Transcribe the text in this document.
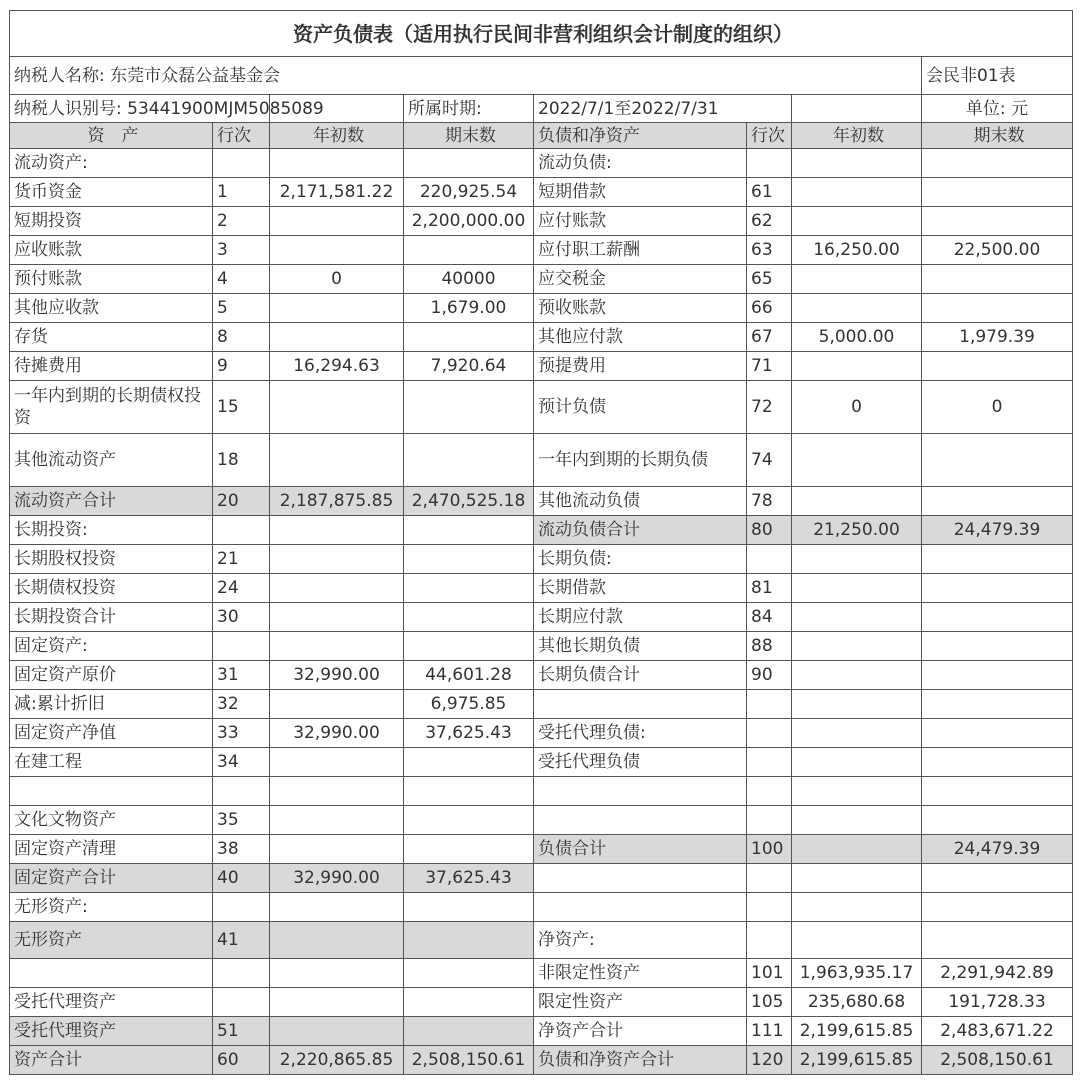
资产负债表（适用执行民间非营利组织会计制度的组织）							
纳税人名称: 东莞市众磊公益基金会							会民非01表
纳税人识别号: 53441900MJM5085089			所属时期:	2022/7/1至2022/7/31			单位: 元
资　产	行次	年初数	期末数	负债和净资产	行次	年初数	期末数
流动资产:				流动负债:			
货币资金	1	2,171,581.22	220,925.54	短期借款	61		
短期投资	2		2,200,000.00	应付账款	62		
应收账款	3			应付职工薪酬	63	16,250.00	22,500.00
预付账款	4	0	40000	应交税金	65		
其他应收款	5		1,679.00	预收账款	66		
存货	8			其他应付款	67	5,000.00	1,979.39
待摊费用	9	16,294.63	7,920.64	预提费用	71		
一年内到期的长期债权投资	15			预计负债	72	0	0
其他流动资产	18			一年内到期的长期负债	74		
流动资产合计	20	2,187,875.85	2,470,525.18	其他流动负债	78		
长期投资:				流动负债合计	80	21,250.00	24,479.39
长期股权投资	21			长期负债:			
长期债权投资	24			长期借款	81		
长期投资合计	30			长期应付款	84		
固定资产:				其他长期负债	88		
固定资产原价	31	32,990.00	44,601.28	长期负债合计	90		
减:累计折旧	32		6,975.85				
固定资产净值	33	32,990.00	37,625.43	受托代理负债:			
在建工程	34			受托代理负债			

文化文物资产	35						
固定资产清理	38			负债合计	100		24,479.39
固定资产合计	40	32,990.00	37,625.43				
无形资产:							
无形资产	41			净资产:			
				非限定性资产	101	1,963,935.17	2,291,942.89
受托代理资产				限定性资产	105	235,680.68	191,728.33
受托代理资产	51			净资产合计	111	2,199,615.85	2,483,671.22
资产合计	60	2,220,865.85	2,508,150.61	负债和净资产合计	120	2,199,615.85	2,508,150.61
